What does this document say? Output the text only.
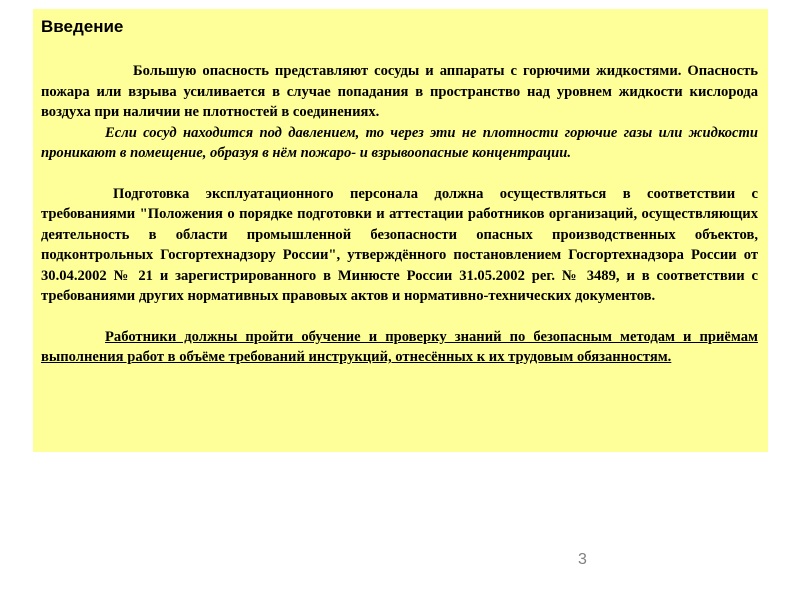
Введение

Большую опасность представляют сосуды и аппараты с горючими жидкостями. Опасность пожара или взрыва усиливается в случае попадания в пространство над уровнем жидкости кислорода воздуха при наличии не плотностей в соединениях.

Если сосуд находится под давлением, то через эти не плотности горючие газы или жидкости проникают в помещение, образуя в нём пожаро- и взрывоопасные концентрации.

Подготовка эксплуатационного персонала должна осуществляться в соответствии с требованиями "Положения о порядке подготовки и аттестации работников организаций, осуществляющих деятельность в области промышленной безопасности опасных производственных объектов, подконтрольных Госгортехнадзору России", утверждённого постановлением Госгортехнадзора России от 30.04.2002 № 21 и зарегистрированного в Минюсте России 31.05.2002 рег. № 3489, и в соответствии с требованиями других нормативных правовых актов и нормативно-технических документов.

Работники должны пройти обучение и проверку знаний по безопасным методам и приёмам выполнения работ в объёме требований инструкций, отнесённых к их трудовым обязанностям.

3
